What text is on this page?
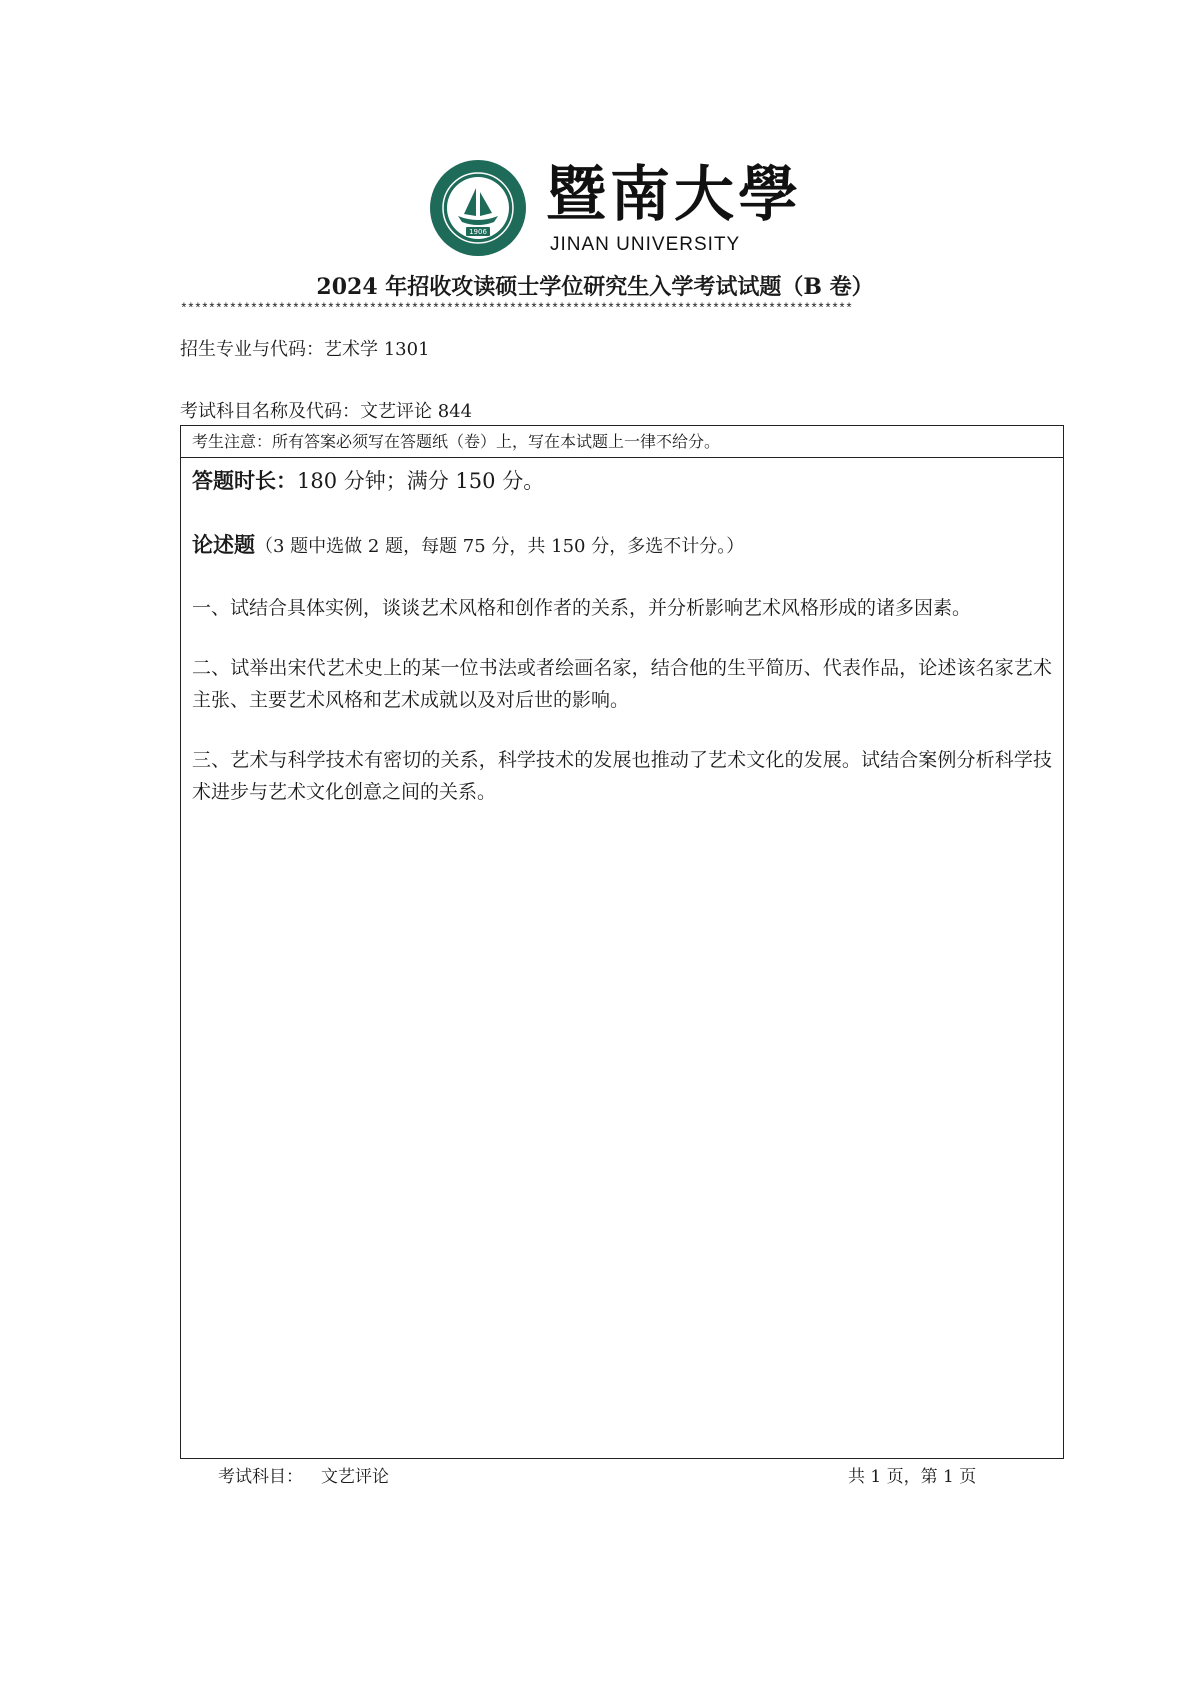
1906
暨南大學
JINAN UNIVERSITY
2024 年招收攻读硕士学位研究生入学考试试题（B 卷）
************************************************************************************************
招生专业与代码：艺术学 1301
考试科目名称及代码：文艺评论 844
考生注意：所有答案必须写在答题纸（卷）上，写在本试题上一律不给分。
答题时长：180 分钟；满分 150 分。
论述题（3 题中选做 2 题，每题 75 分，共 150 分，多选不计分。）
一、试结合具体实例，谈谈艺术风格和创作者的关系，并分析影响艺术风格形成的诸多因素。
二、试举出宋代艺术史上的某一位书法或者绘画名家，结合他的生平简历、代表作品，论述该名家艺术主张、主要艺术风格和艺术成就以及对后世的影响。
三、艺术与科学技术有密切的关系，科学技术的发展也推动了艺术文化的发展。试结合案例分析科学技术进步与艺术文化创意之间的关系。
考试科目： 文艺评论	共 1 页，第 1 页
